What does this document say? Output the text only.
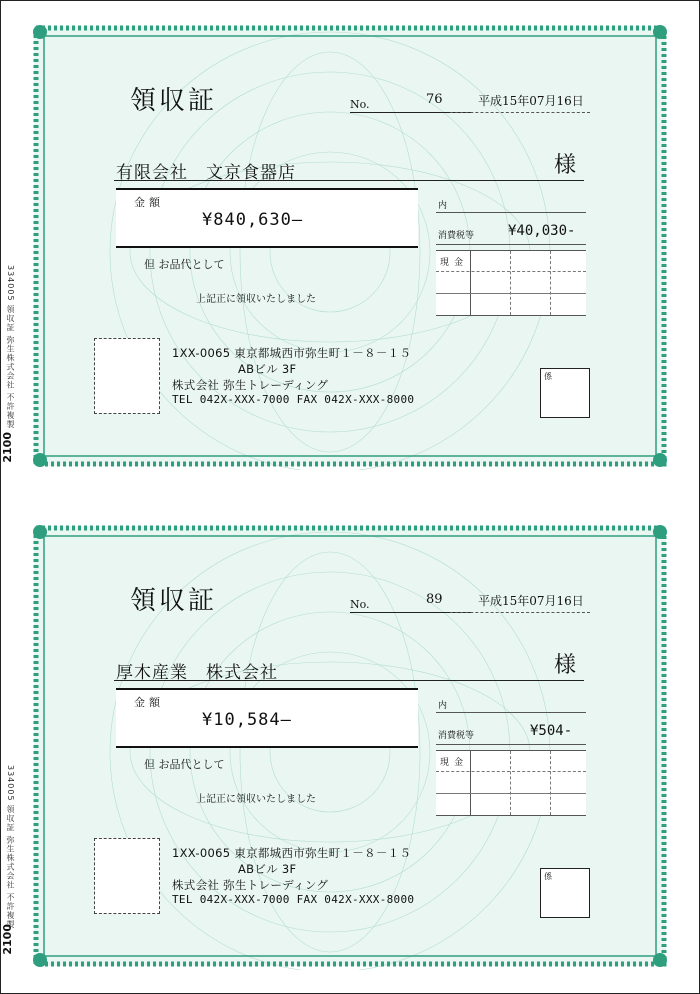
334005 領収証 弥生株式会社 不許複製
2100
334005 領収証 弥生株式会社 不許複製
2100
領収証	No.	76	平成15年07月16日
有限会社　文京食器店	様
金額
¥840,630—
内
消費税等 ¥40,030-
現金
但 お品代として
上記正に領収いたしました
1XX-0065 東京都城西市弥生町１－８－１５
ABビル 3F
株式会社 弥生トレーディング
TEL 042X-XXX-7000 FAX 042X-XXX-8000
係
領収証	No.	89	平成15年07月16日
厚木産業　株式会社	様
金額
¥10,584—
内
消費税等	¥504-
現金
但 お品代として
上記正に領収いたしました
1XX-0065 東京都城西市弥生町１－８－１５
ABビル 3F
株式会社 弥生トレーディング
TEL 042X-XXX-7000 FAX 042X-XXX-8000
係
